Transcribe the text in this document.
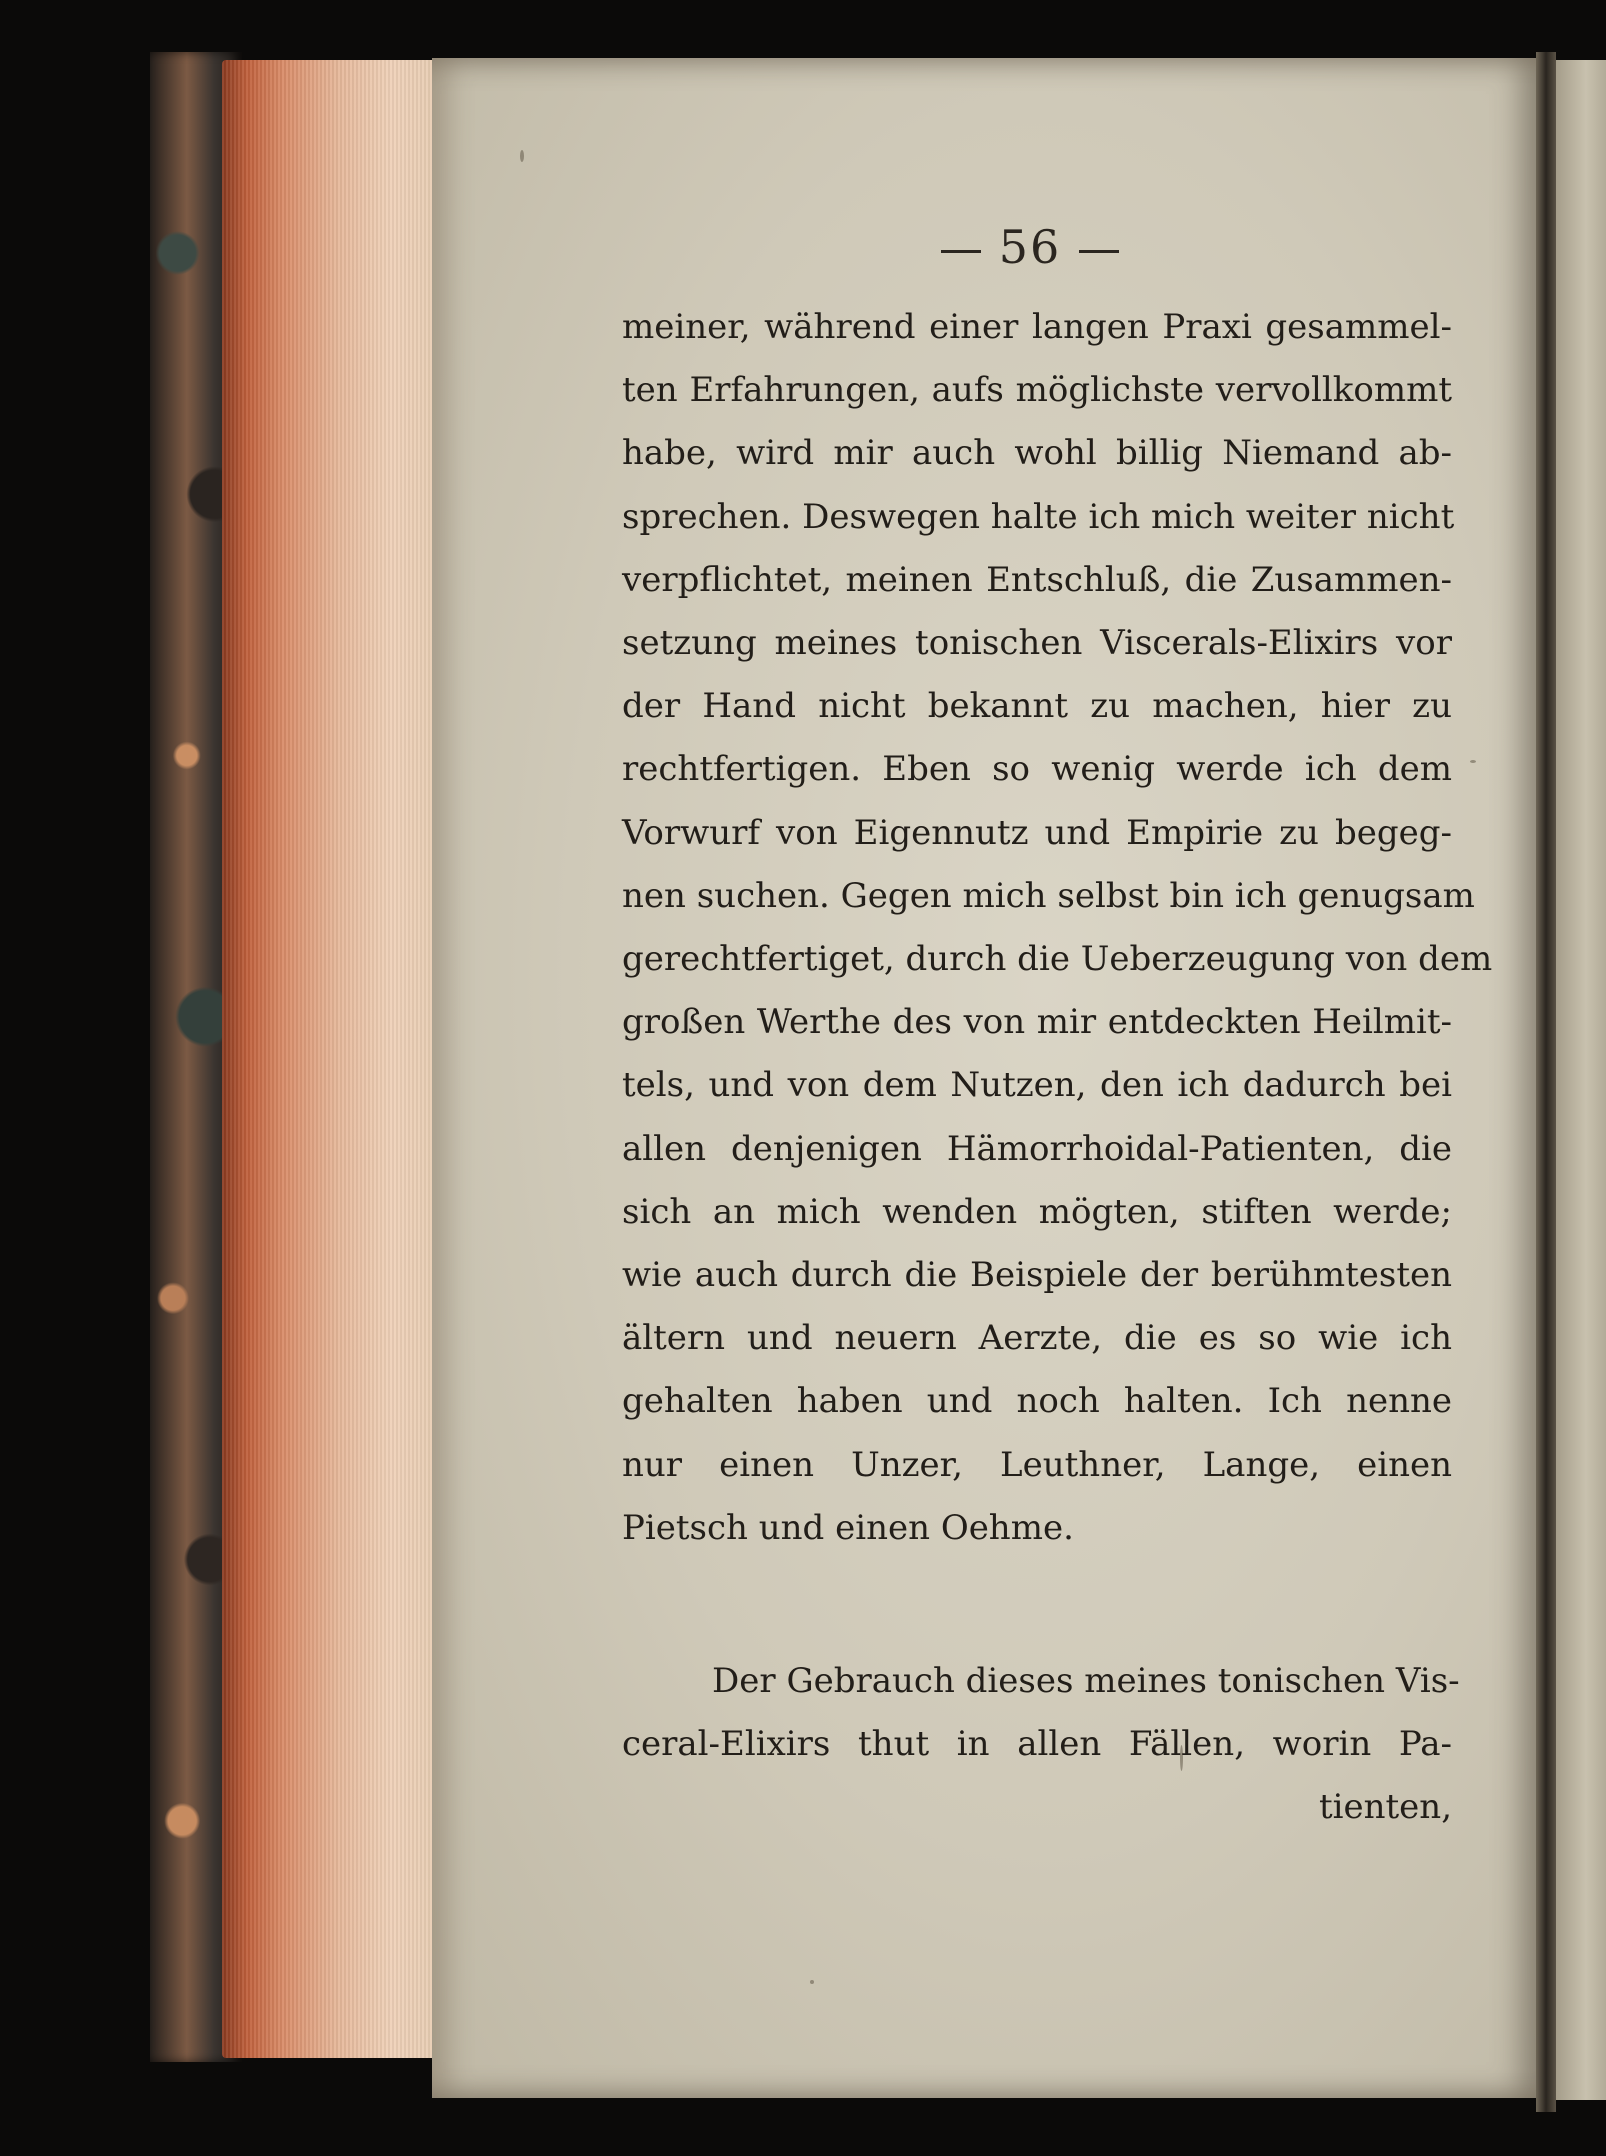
56
meiner, während einer langen Praxi gesammel-
ten Erfahrungen, aufs möglichste vervollkommt
habe, wird mir auch wohl billig Niemand ab-
sprechen. Deswegen halte ich mich weiter nicht
verpflichtet, meinen Entschluß, die Zusammen-
setzung meines tonischen Viscerals-Elixirs vor
der Hand nicht bekannt zu machen, hier zu
rechtfertigen. Eben so wenig werde ich dem
Vorwurf von Eigennutz und Empirie zu begeg-
nen suchen. Gegen mich selbst bin ich genugsam
gerechtfertiget, durch die Ueberzeugung von dem
großen Werthe des von mir entdeckten Heilmit-
tels, und von dem Nutzen, den ich dadurch bei
allen denjenigen Hämorrhoidal-Patienten, die
sich an mich wenden mögten, stiften werde;
wie auch durch die Beispiele der berühmtesten
ältern und neuern Aerzte, die es so wie ich
gehalten haben und noch halten. Ich nenne
nur einen Unzer, Leuthner, Lange, einen
Pietsch und einen Oehme.
Der Gebrauch dieses meines tonischen Vis-
ceral-Elixirs thut in allen Fällen, worin Pa-
tienten,
